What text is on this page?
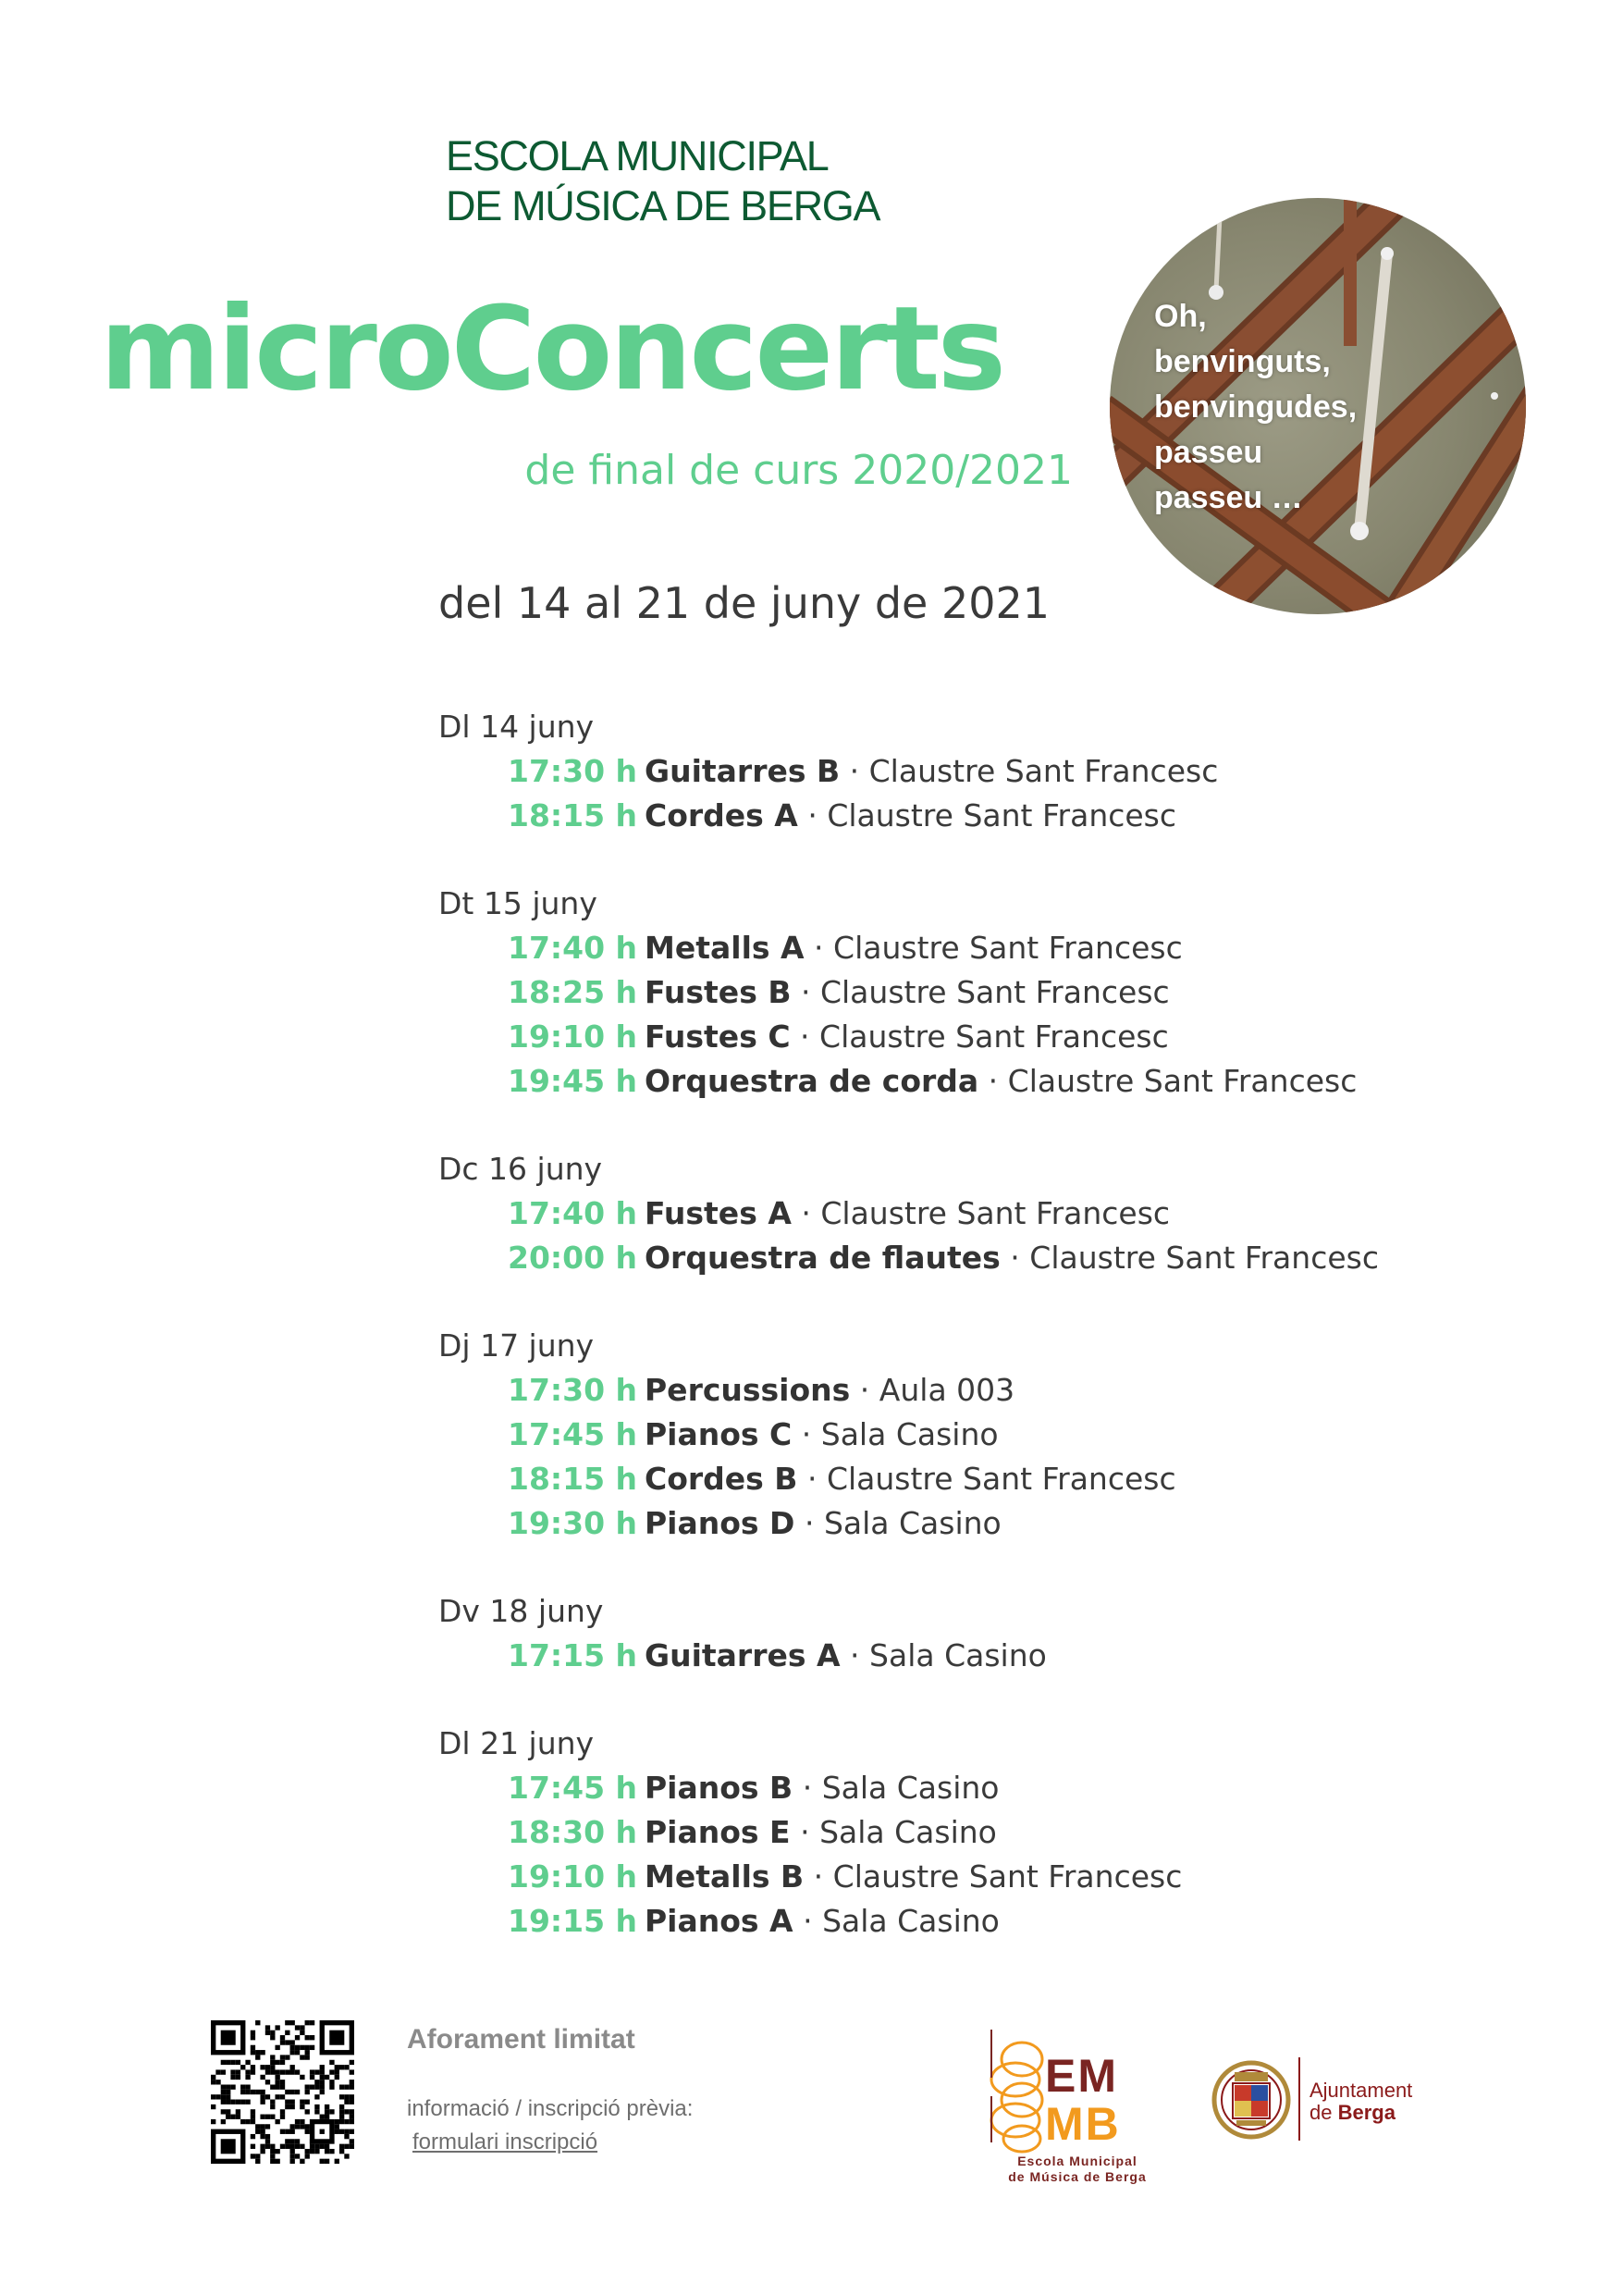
ESCOLA MUNICIPAL
DE MÚSICA DE BERGA
microConcerts
de final de curs 2020/2021
del 14 al 21 de juny de 2021
Oh,
benvinguts,
benvingudes,
passeu
passeu …
Dl 14 juny
17:30 h Guitarres B · Claustre Sant Francesc
18:15 h Cordes A · Claustre Sant Francesc
Dt 15 juny
17:40 h Metalls A · Claustre Sant Francesc
18:25 h Fustes B · Claustre Sant Francesc
19:10 h Fustes C · Claustre Sant Francesc
19:45 h Orquestra de corda · Claustre Sant Francesc
Dc 16 juny
17:40 h Fustes A · Claustre Sant Francesc
20:00 h Orquestra de flautes · Claustre Sant Francesc
Dj 17 juny
17:30 h Percussions · Aula 003
17:45 h Pianos C · Sala Casino
18:15 h Cordes B · Claustre Sant Francesc
19:30 h Pianos D · Sala Casino
Dv 18 juny
17:15 h Guitarres A · Sala Casino
Dl 21 juny
17:45 h Pianos B · Sala Casino
18:30 h Pianos E · Sala Casino
19:10 h Metalls B · Claustre Sant Francesc
19:15 h Pianos A · Sala Casino
Aforament limitat
informació / inscripció prèvia:
formulari inscripció
EM
MB
Escola Municipal
de Música de Berga
Ajuntament
de Berga
